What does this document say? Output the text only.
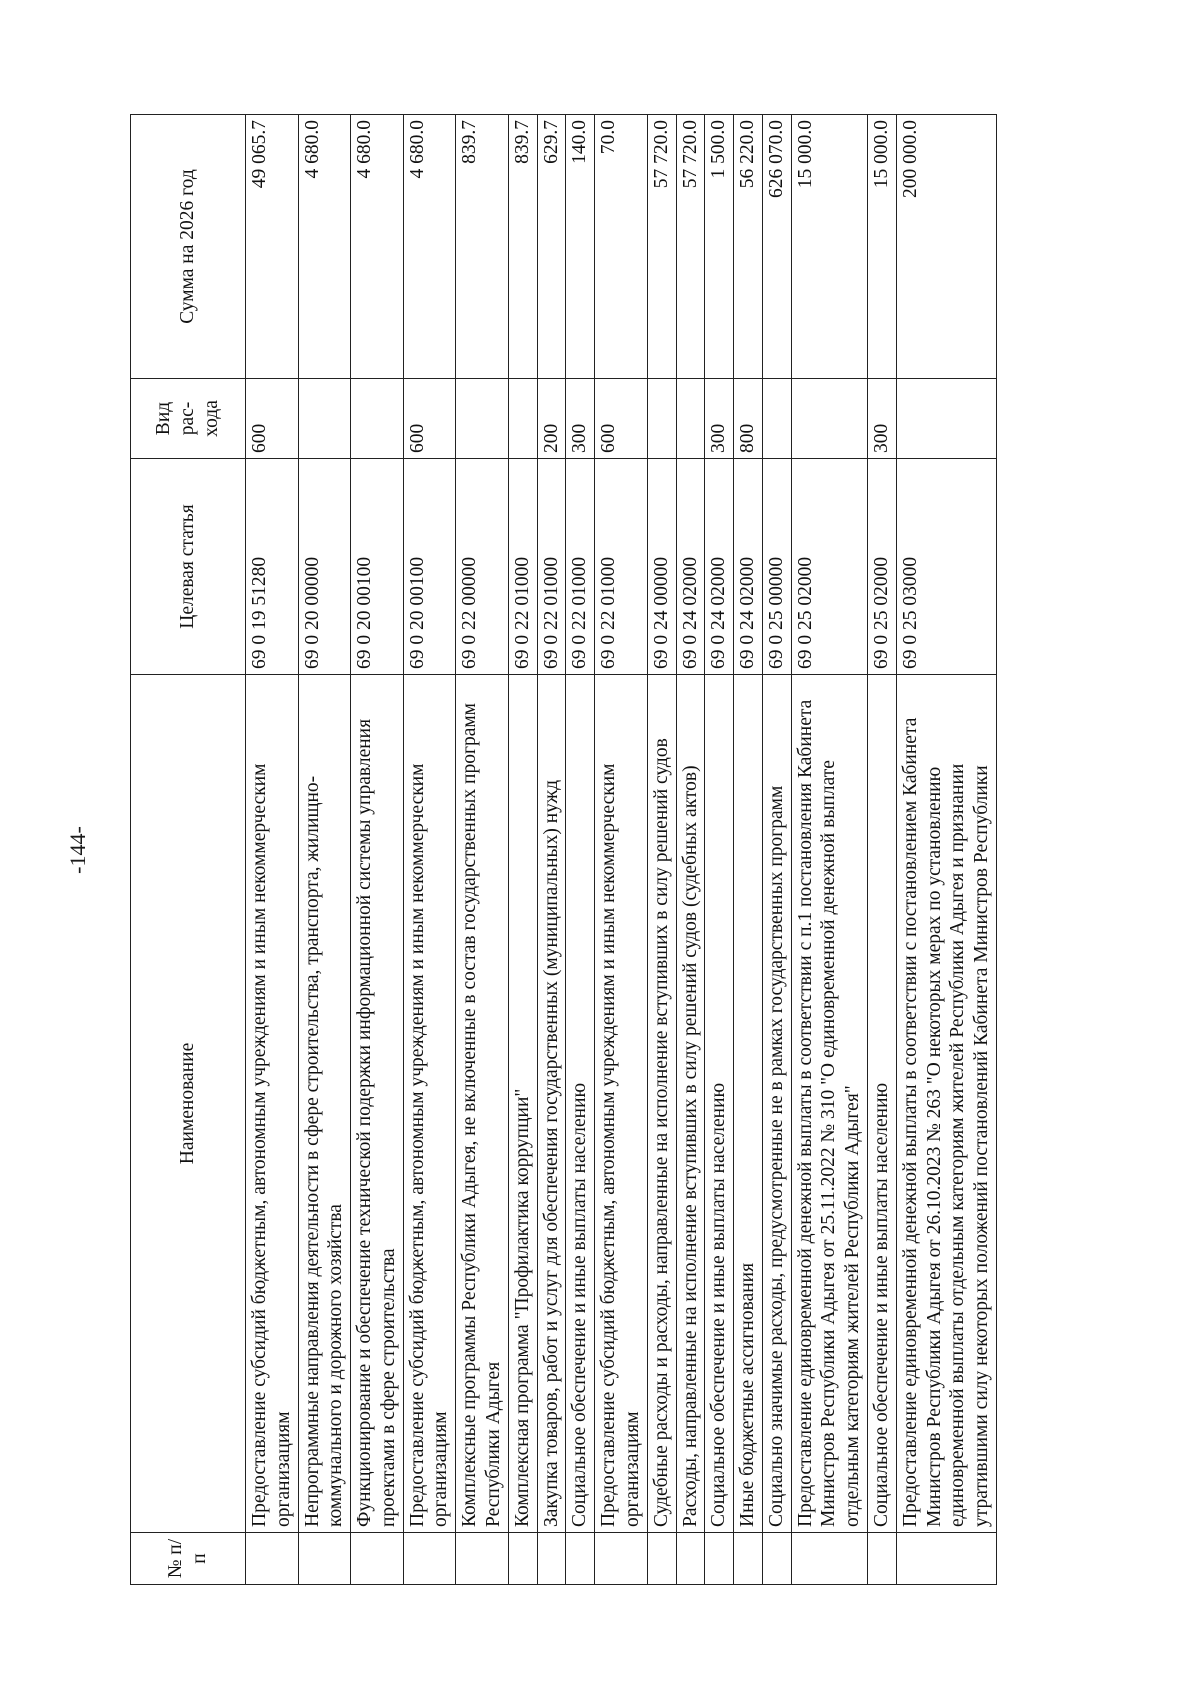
-144-
№ п/п	Наименование	Целевая статья	Вид рас-хода	Сумма на 2026 год
	Предоставление субсидий бюджетным, автономным учреждениям и иным некоммерческим организациям	69 0 19 51280	600	49 065.7
	Непрограммные направления деятельности в сфере строительства, транспорта, жилищно-коммунального и дорожного хозяйства	69 0 20 00000		4 680.0
	Функционирование и обеспечение технической подержки информационной системы управления проектами в сфере строительства	69 0 20 00100		4 680.0
	Предоставление субсидий бюджетным, автономным учреждениям и иным некоммерческим организациям	69 0 20 00100	600	4 680.0
	Комплексные программы Республики Адыгея, не включенные в состав государственных программ Республики Адыгея	69 0 22 00000		839.7
	Комплексная программа "Профилактика коррупции"	69 0 22 01000		839.7
	Закупка товаров, работ и услуг для обеспечения государственных (муниципальных) нужд	69 0 22 01000	200	629.7
	Социальное обеспечение и иные выплаты населению	69 0 22 01000	300	140.0
	Предоставление субсидий бюджетным, автономным учреждениям и иным некоммерческим организациям	69 0 22 01000	600	70.0
	Судебные расходы и расходы, направленные на исполнение вступивших в силу решений судов	69 0 24 00000		57 720.0
	Расходы, направленные на исполнение вступивших в силу решений судов (судебных актов)	69 0 24 02000		57 720.0
	Социальное обеспечение и иные выплаты населению	69 0 24 02000	300	1 500.0
	Иные бюджетные ассигнования	69 0 24 02000	800	56 220.0
	Социально значимые расходы, предусмотренные не в рамках государственных программ	69 0 25 00000		626 070.0
	Предоставление единовременной денежной выплаты в соответствии с п.1 постановления Кабинета Министров Республики Адыгея от 25.11.2022 № 310 "О единовременной денежной выплате отдельным категориям жителей Республики Адыгея"	69 0 25 02000		15 000.0
	Социальное обеспечение и иные выплаты населению	69 0 25 02000	300	15 000.0
	Предоставление единовременной денежной выплаты в соответствии с постановлением Кабинета Министров Республики Адыгея от 26.10.2023 № 263 "О некоторых мерах по установлению единовременной выплаты отдельным категориям жителей Республики Адыгея и признании утратившими силу некоторых положений постановлений Кабинета Министров Республики	69 0 25 03000		200 000.0
